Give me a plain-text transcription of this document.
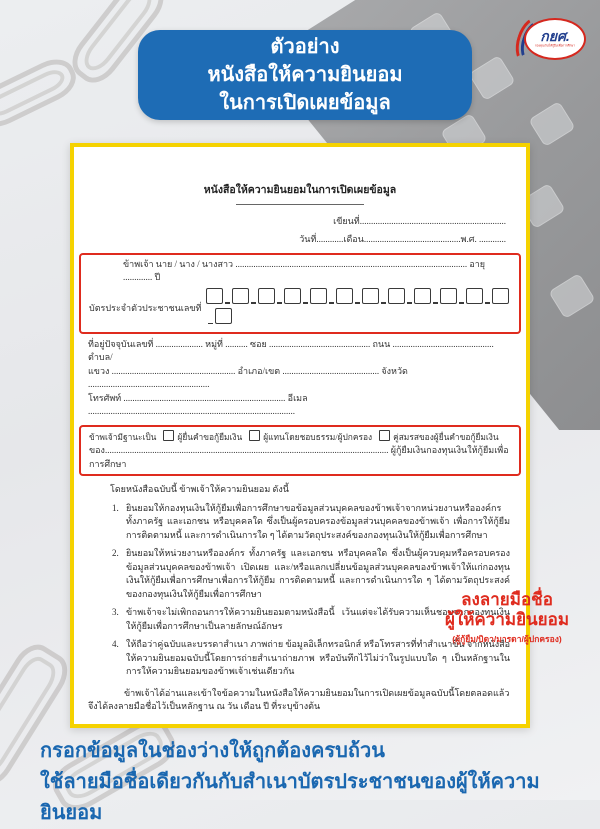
ตัวอย่าง
หนังสือให้ความยินยอม
ในการเปิดเผยข้อมูล
กยศ.
กองทุนเงินให้กู้ยืมเพื่อการศึกษา
หนังสือให้ความยินยอมในการเปิดเผยข้อมูล
เขียนที่.................................................................
วันที่............เดือน...........................................พ.ศ. ............
ข้าพเจ้า นาย / นาง / นางสาว ....................................................................................................... อายุ ............. ปี
บัตรประจำตัวประชาชนเลขที่
ที่อยู่ปัจจุบันเลขที่ ..................... หมู่ที่ .......... ซอย ............................................. ถนน ............................................. ตำบล/
แขวง ....................................................... อำเภอ/เขต ........................................... จังหวัด ......................................................
โทรศัพท์ ........................................................................ อีเมล ............................................................................................
ข้าพเจ้ามีฐานะเป็น	ผู้ยื่นคำขอกู้ยืมเงิน	ผู้แทนโดยชอบธรรม/ผู้ปกครอง	คู่สมรสของผู้ยื่นคำขอกู้ยืมเงิน
ของ.............................................................................................................................. ผู้กู้ยืมเงินกองทุนเงินให้กู้ยืมเพื่อการศึกษา
โดยหนังสือฉบับนี้ ข้าพเจ้าให้ความยินยอม ดังนี้
1. ยินยอมให้กองทุนเงินให้กู้ยืมเพื่อการศึกษาขอข้อมูลส่วนบุคคลของข้าพเจ้าจากหน่วยงานหรือองค์กร ทั้งภาครัฐ และเอกชน หรือบุคคลใด ซึ่งเป็นผู้ครอบครองข้อมูลส่วนบุคคลของข้าพเจ้า เพื่อการให้กู้ยืม การติดตามหนี้ และการดำเนินการใด ๆ ได้ตามวัตถุประสงค์ของกองทุนเงินให้กู้ยืมเพื่อการศึกษา
2. ยินยอมให้หน่วยงานหรือองค์กร ทั้งภาครัฐ และเอกชน หรือบุคคลใด ซึ่งเป็นผู้ควบคุมหรือครอบครองข้อมูลส่วนบุคคลของข้าพเจ้า เปิดเผย และ/หรือแลกเปลี่ยนข้อมูลส่วนบุคคลของข้าพเจ้าให้แก่กองทุนเงินให้กู้ยืมเพื่อการศึกษาเพื่อการให้กู้ยืม การติดตามหนี้ และการดำเนินการใด ๆ ได้ตามวัตถุประสงค์ของกองทุนเงินให้กู้ยืมเพื่อการศึกษา
3. ข้าพเจ้าจะไม่เพิกถอนการให้ความยินยอมตามหนังสือนี้ เว้นแต่จะได้รับความเห็นชอบจากกองทุนเงินให้กู้ยืมเพื่อการศึกษาเป็นลายลักษณ์อักษร
4. ให้ถือว่าคู่ฉบับและบรรดาสำเนา ภาพถ่าย ข้อมูลอิเล็กทรอนิกส์ หรือโทรสารที่ทำสำเนาขึ้น จากหนังสือให้ความยินยอมฉบับนี้โดยการถ่ายสำเนาถ่ายภาพ หรือบันทึกไว้ไม่ว่าในรูปแบบใด ๆ เป็นหลักฐานในการให้ความยินยอมของข้าพเจ้าเช่นเดียวกัน
ข้าพเจ้าได้อ่านและเข้าใจข้อความในหนังสือให้ความยินยอมในการเปิดเผยข้อมูลฉบับนี้โดยตลอดแล้ว จึงได้ลงลายมือชื่อไว้เป็นหลักฐาน ณ วัน เดือน ปี ที่ระบุข้างต้น
ลงลายมือชื่อ
ผู้ให้ความยินยอม
(ผู้กู้ยืม/บิดา/มารดา/ผู้ปกครอง)
กรอกข้อมูลในช่องว่างให้ถูกต้องครบถ้วน
ใช้ลายมือชื่อเดียวกันกับสำเนาบัตรประชาชนของผู้ให้ความยินยอม
